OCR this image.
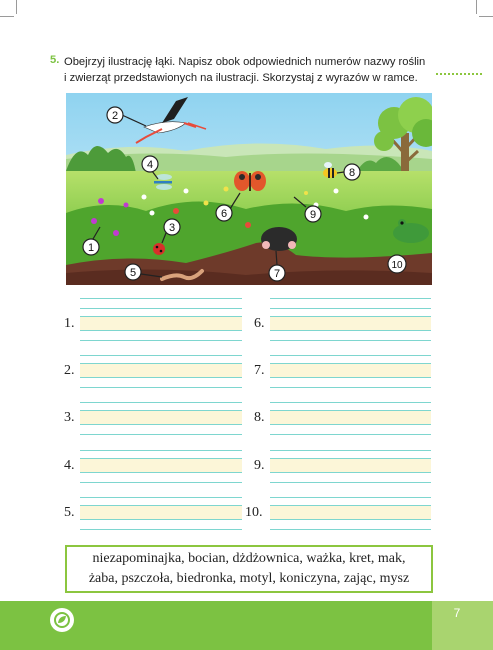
5. Obejrzyj ilustrację łąki. Napisz obok odpowiednich numerów nazwy roślin
i zwierząt przedstawionych na ilustracji. Skorzystaj z wyrazów w ramce.
1
2
3
4
5
6
7
8
9
10
1.
2.
3.
4.
5.
6.
7.
8.
9.
10.
niezapominajka, bocian, dżdżownica, ważka, kret, mak,
żaba, pszczoła, biedronka, motyl, koniczyna, zając, mysz
7
